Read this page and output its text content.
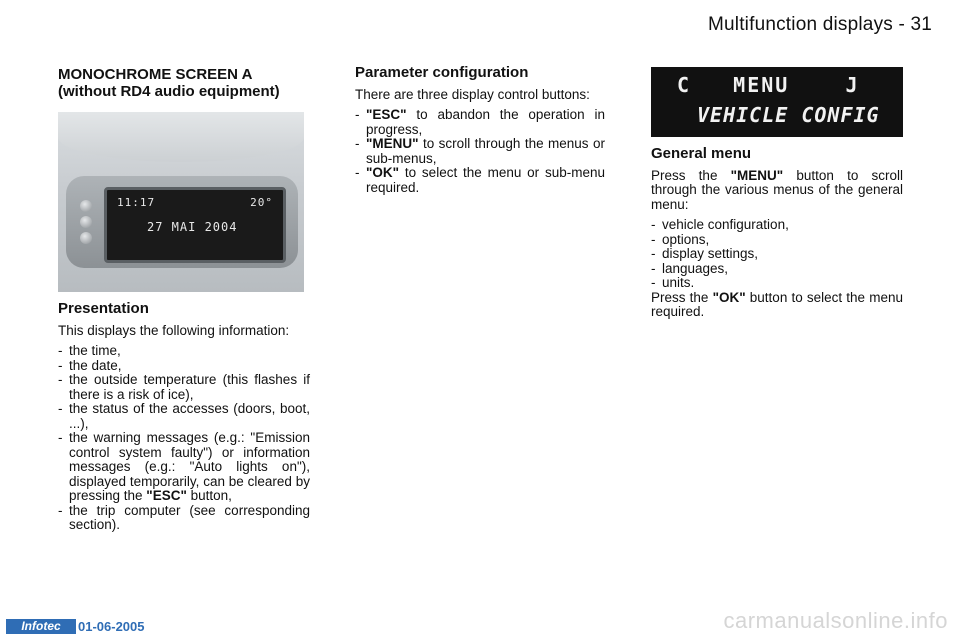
Multifunction displays - 31
MONOCHROME SCREEN A
(without RD4 audio equipment)
11:17	20°
27 MAI 2004
Presentation

This displays the following information:

- the time,
- the date,
- the outside temperature (this flashes if there is a risk of ice),
- the status of the accesses (doors, boot, ...),
- the warning messages (e.g.: "Emission control system faulty") or information messages (e.g.: "Auto lights on"), displayed temporarily, can be cleared by pressing the "ESC" button,
- the trip computer (see corresponding section).
Parameter configuration

There are three display control buttons:

- "ESC" to abandon the operation in progress,
- "MENU" to scroll through the menus or sub-menus,
- "OK" to select the menu or sub-menu required.
C   MENU    J
VEHICLE CONFIG
General menu

Press the "MENU" button to scroll through the various menus of the general menu:

- vehicle configuration,
- options,
- display settings,
- languages,
- units.

Press the "OK" button to select the menu required.

Infotec	01-06-2005	carmanualsonline.info
